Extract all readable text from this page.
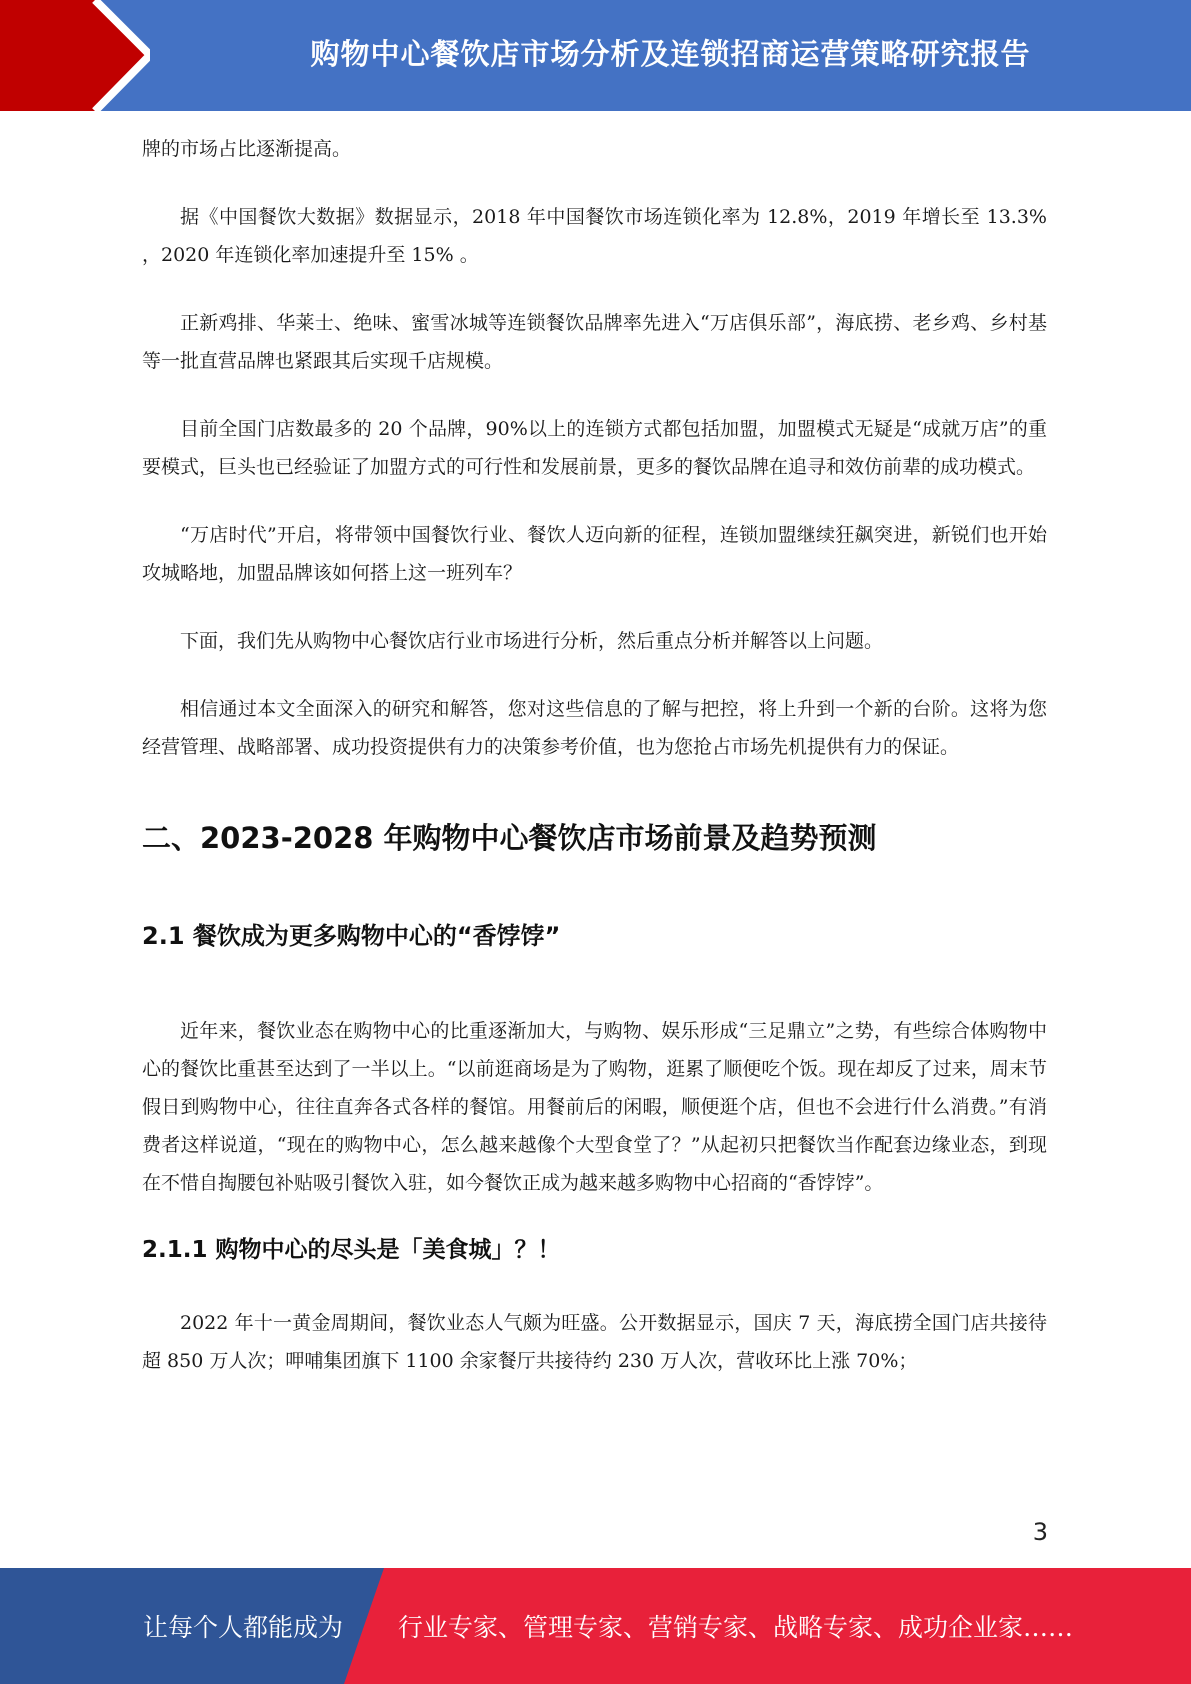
购物中心餐饮店市场分析及连锁招商运营策略研究报告

牌的市场占比逐渐提高。

据《中国餐饮大数据》数据显示，2018 年中国餐饮市场连锁化率为 12.8%，2019 年增长至 13.3% ，2020 年连锁化率加速提升至 15% 。

正新鸡排、华莱士、绝味、蜜雪冰城等连锁餐饮品牌率先进入“万店俱乐部”，海底捞、老乡鸡、乡村基等一批直营品牌也紧跟其后实现千店规模。

目前全国门店数最多的 20 个品牌，90%以上的连锁方式都包括加盟，加盟模式无疑是“成就万店”的重要模式，巨头也已经验证了加盟方式的可行性和发展前景，更多的餐饮品牌在追寻和效仿前辈的成功模式。

“万店时代”开启，将带领中国餐饮行业、餐饮人迈向新的征程，连锁加盟继续狂飙突进，新锐们也开始攻城略地，加盟品牌该如何搭上这一班列车？

下面，我们先从购物中心餐饮店行业市场进行分析，然后重点分析并解答以上问题。

相信通过本文全面深入的研究和解答，您对这些信息的了解与把控，将上升到一个新的台阶。这将为您经营管理、战略部署、成功投资提供有力的决策参考价值，也为您抢占市场先机提供有力的保证。

二、2023-2028 年购物中心餐饮店市场前景及趋势预测
2.1 餐饮成为更多购物中心的“香饽饽”

近年来，餐饮业态在购物中心的比重逐渐加大，与购物、娱乐形成“三足鼎立”之势，有些综合体购物中心的餐饮比重甚至达到了一半以上。“以前逛商场是为了购物，逛累了顺便吃个饭。现在却反了过来，周末节假日到购物中心，往往直奔各式各样的餐馆。用餐前后的闲暇，顺便逛个店，但也不会进行什么消费。”有消费者这样说道，“现在的购物中心，怎么越来越像个大型食堂了？”从起初只把餐饮当作配套边缘业态，到现在不惜自掏腰包补贴吸引餐饮入驻，如今餐饮正成为越来越多购物中心招商的“香饽饽”。

2.1.1 购物中心的尽头是「美食城」？！

2022 年十一黄金周期间，餐饮业态人气颇为旺盛。公开数据显示，国庆 7 天，海底捞全国门店共接待超 850 万人次；呷哺集团旗下 1100 余家餐厅共接待约 230 万人次，营收环比上涨 70%；

3
让每个人都能成为 行业专家、管理专家、营销专家、战略专家、成功企业家……
